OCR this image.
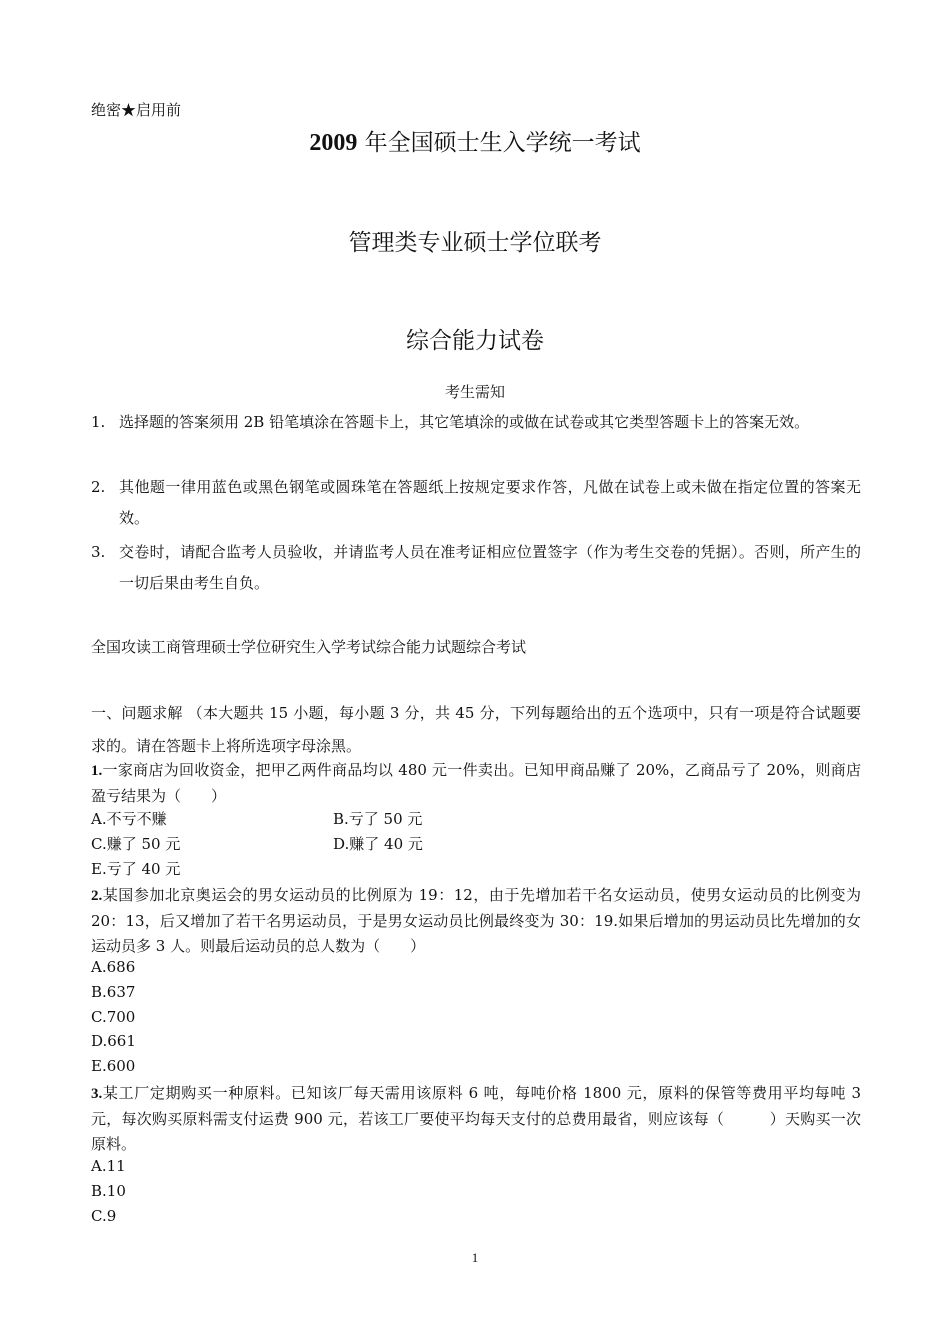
绝密★启用前
2009 年全国硕士生入学统一考试
管理类专业硕士学位联考
综合能力试卷
考生需知
1. 选择题的答案须用 2B 铅笔填涂在答题卡上，其它笔填涂的或做在试卷或其它类型答题卡上的答案无效。
2. 其他题一律用蓝色或黑色钢笔或圆珠笔在答题纸上按规定要求作答，凡做在试卷上或未做在指定位置的答案无效。
3. 交卷时，请配合监考人员验收，并请监考人员在准考证相应位置签字（作为考生交卷的凭据）。否则，所产生的一切后果由考生自负。
全国攻读工商管理硕士学位研究生入学考试综合能力试题综合考试
一、问题求解 （本大题共 15 小题，每小题 3 分，共 45 分，下列每题给出的五个选项中，只有一项是符合试题要求的。请在答题卡上将所选项字母涂黑。
1.一家商店为回收资金，把甲乙两件商品均以 480 元一件卖出。已知甲商品赚了 20%，乙商品亏了 20%，则商店盈亏结果为（　　）
A.不亏不赚	B.亏了 50 元
C.赚了 50 元	D.赚了 40 元
E.亏了 40 元
2.某国参加北京奥运会的男女运动员的比例原为 19：12，由于先增加若干名女运动员，使男女运动员的比例变为 20：13，后又增加了若干名男运动员，于是男女运动员比例最终变为 30：19.如果后增加的男运动员比先增加的女运动员多 3 人。则最后运动员的总人数为（　　）
A.686
B.637
C.700
D.661
E.600
3.某工厂定期购买一种原料。已知该厂每天需用该原料 6 吨，每吨价格 1800 元，原料的保管等费用平均每吨 3 元，每次购买原料需支付运费 900 元，若该工厂要使平均每天支付的总费用最省，则应该每（　　　）天购买一次原料。
A.11
B.10
C.9
1
